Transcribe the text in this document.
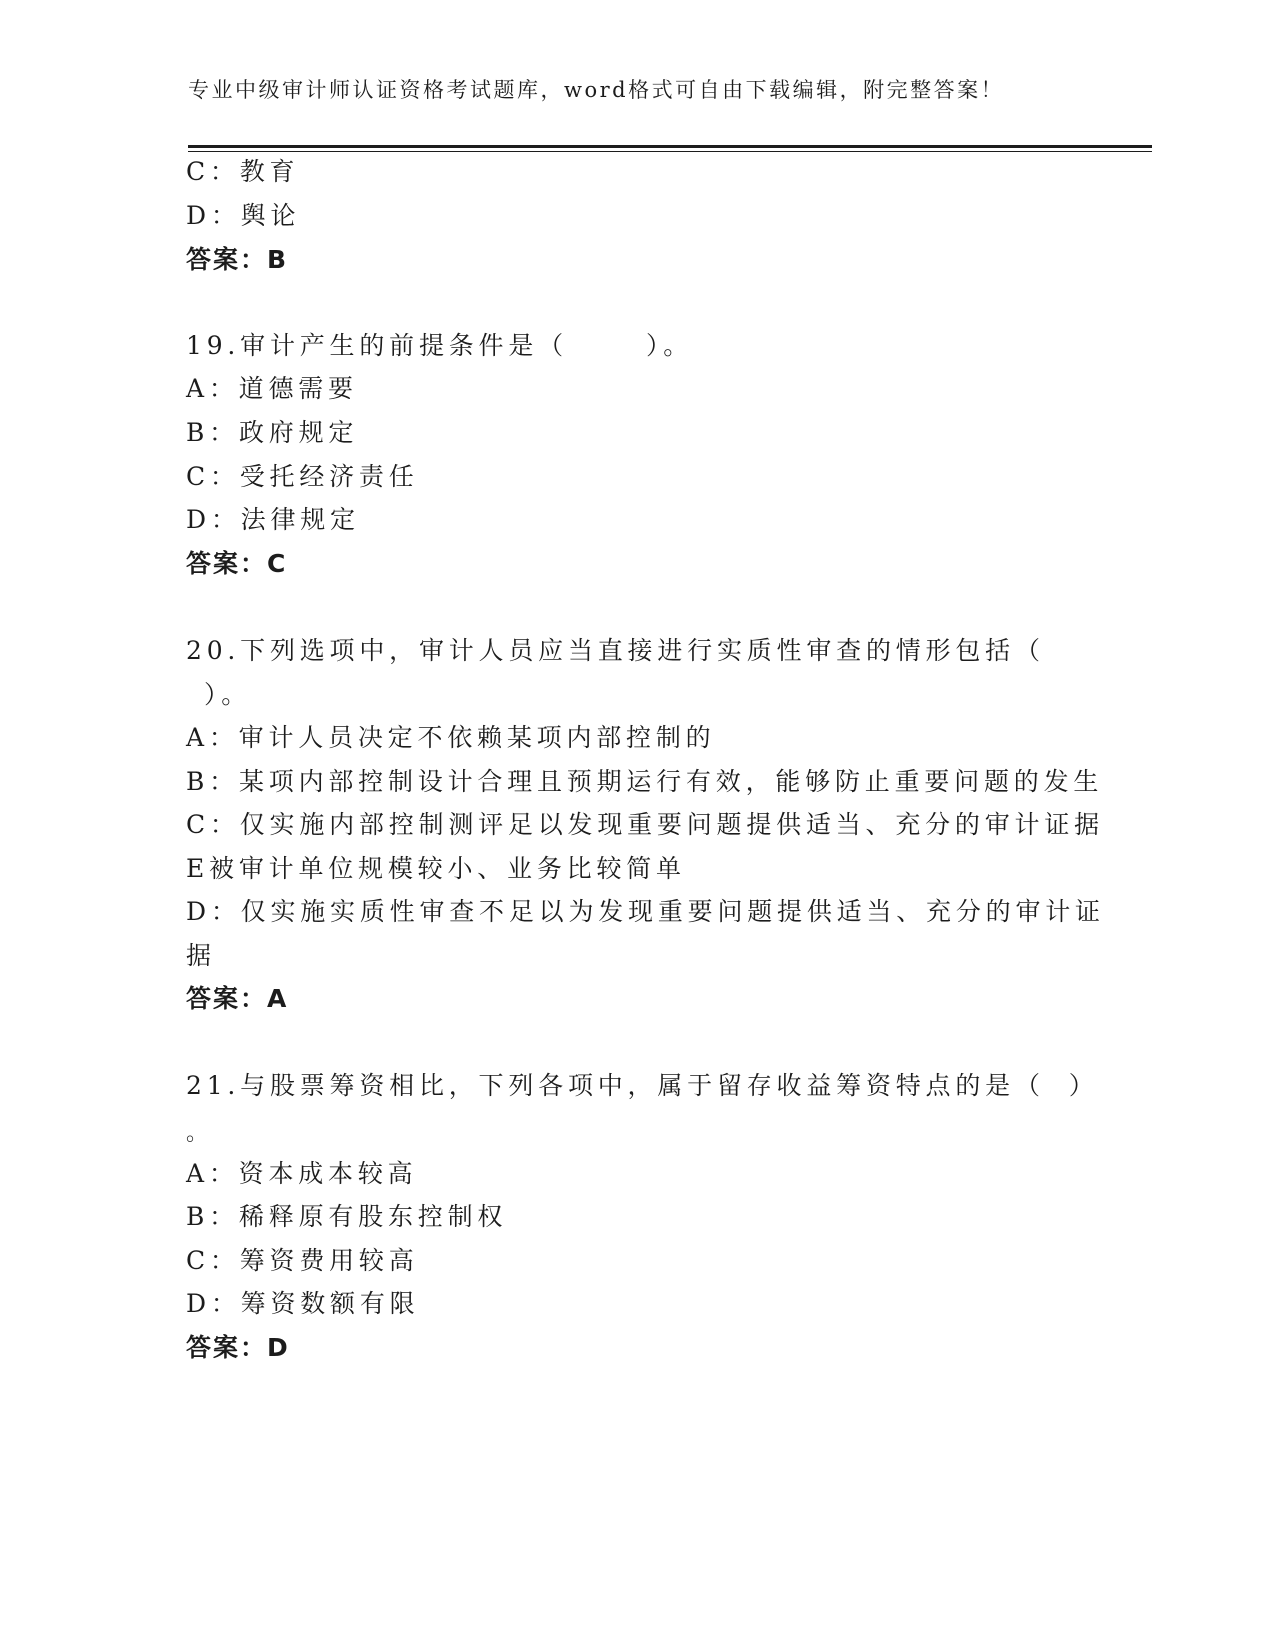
专业中级审计师认证资格考试题库，word格式可自由下载编辑，附完整答案！
C：教育
D：舆论
答案：B
19.审计产生的前提条件是（	）。
A：道德需要
B：政府规定
C：受托经济责任
D：法律规定
答案：C
20.下列选项中，审计人员应当直接进行实质性审查的情形包括（
）。
A：审计人员决定不依赖某项内部控制的
B：某项内部控制设计合理且预期运行有效，能够防止重要问题的发生
C：仅实施内部控制测评足以发现重要问题提供适当、充分的审计证据
E被审计单位规模较小、业务比较简单
D：仅实施实质性审查不足以为发现重要问题提供适当、充分的审计证
据
答案：A
21.与股票筹资相比，下列各项中，属于留存收益筹资特点的是（ ）
。
A：资本成本较高
B：稀释原有股东控制权
C：筹资费用较高
D：筹资数额有限
答案：D
